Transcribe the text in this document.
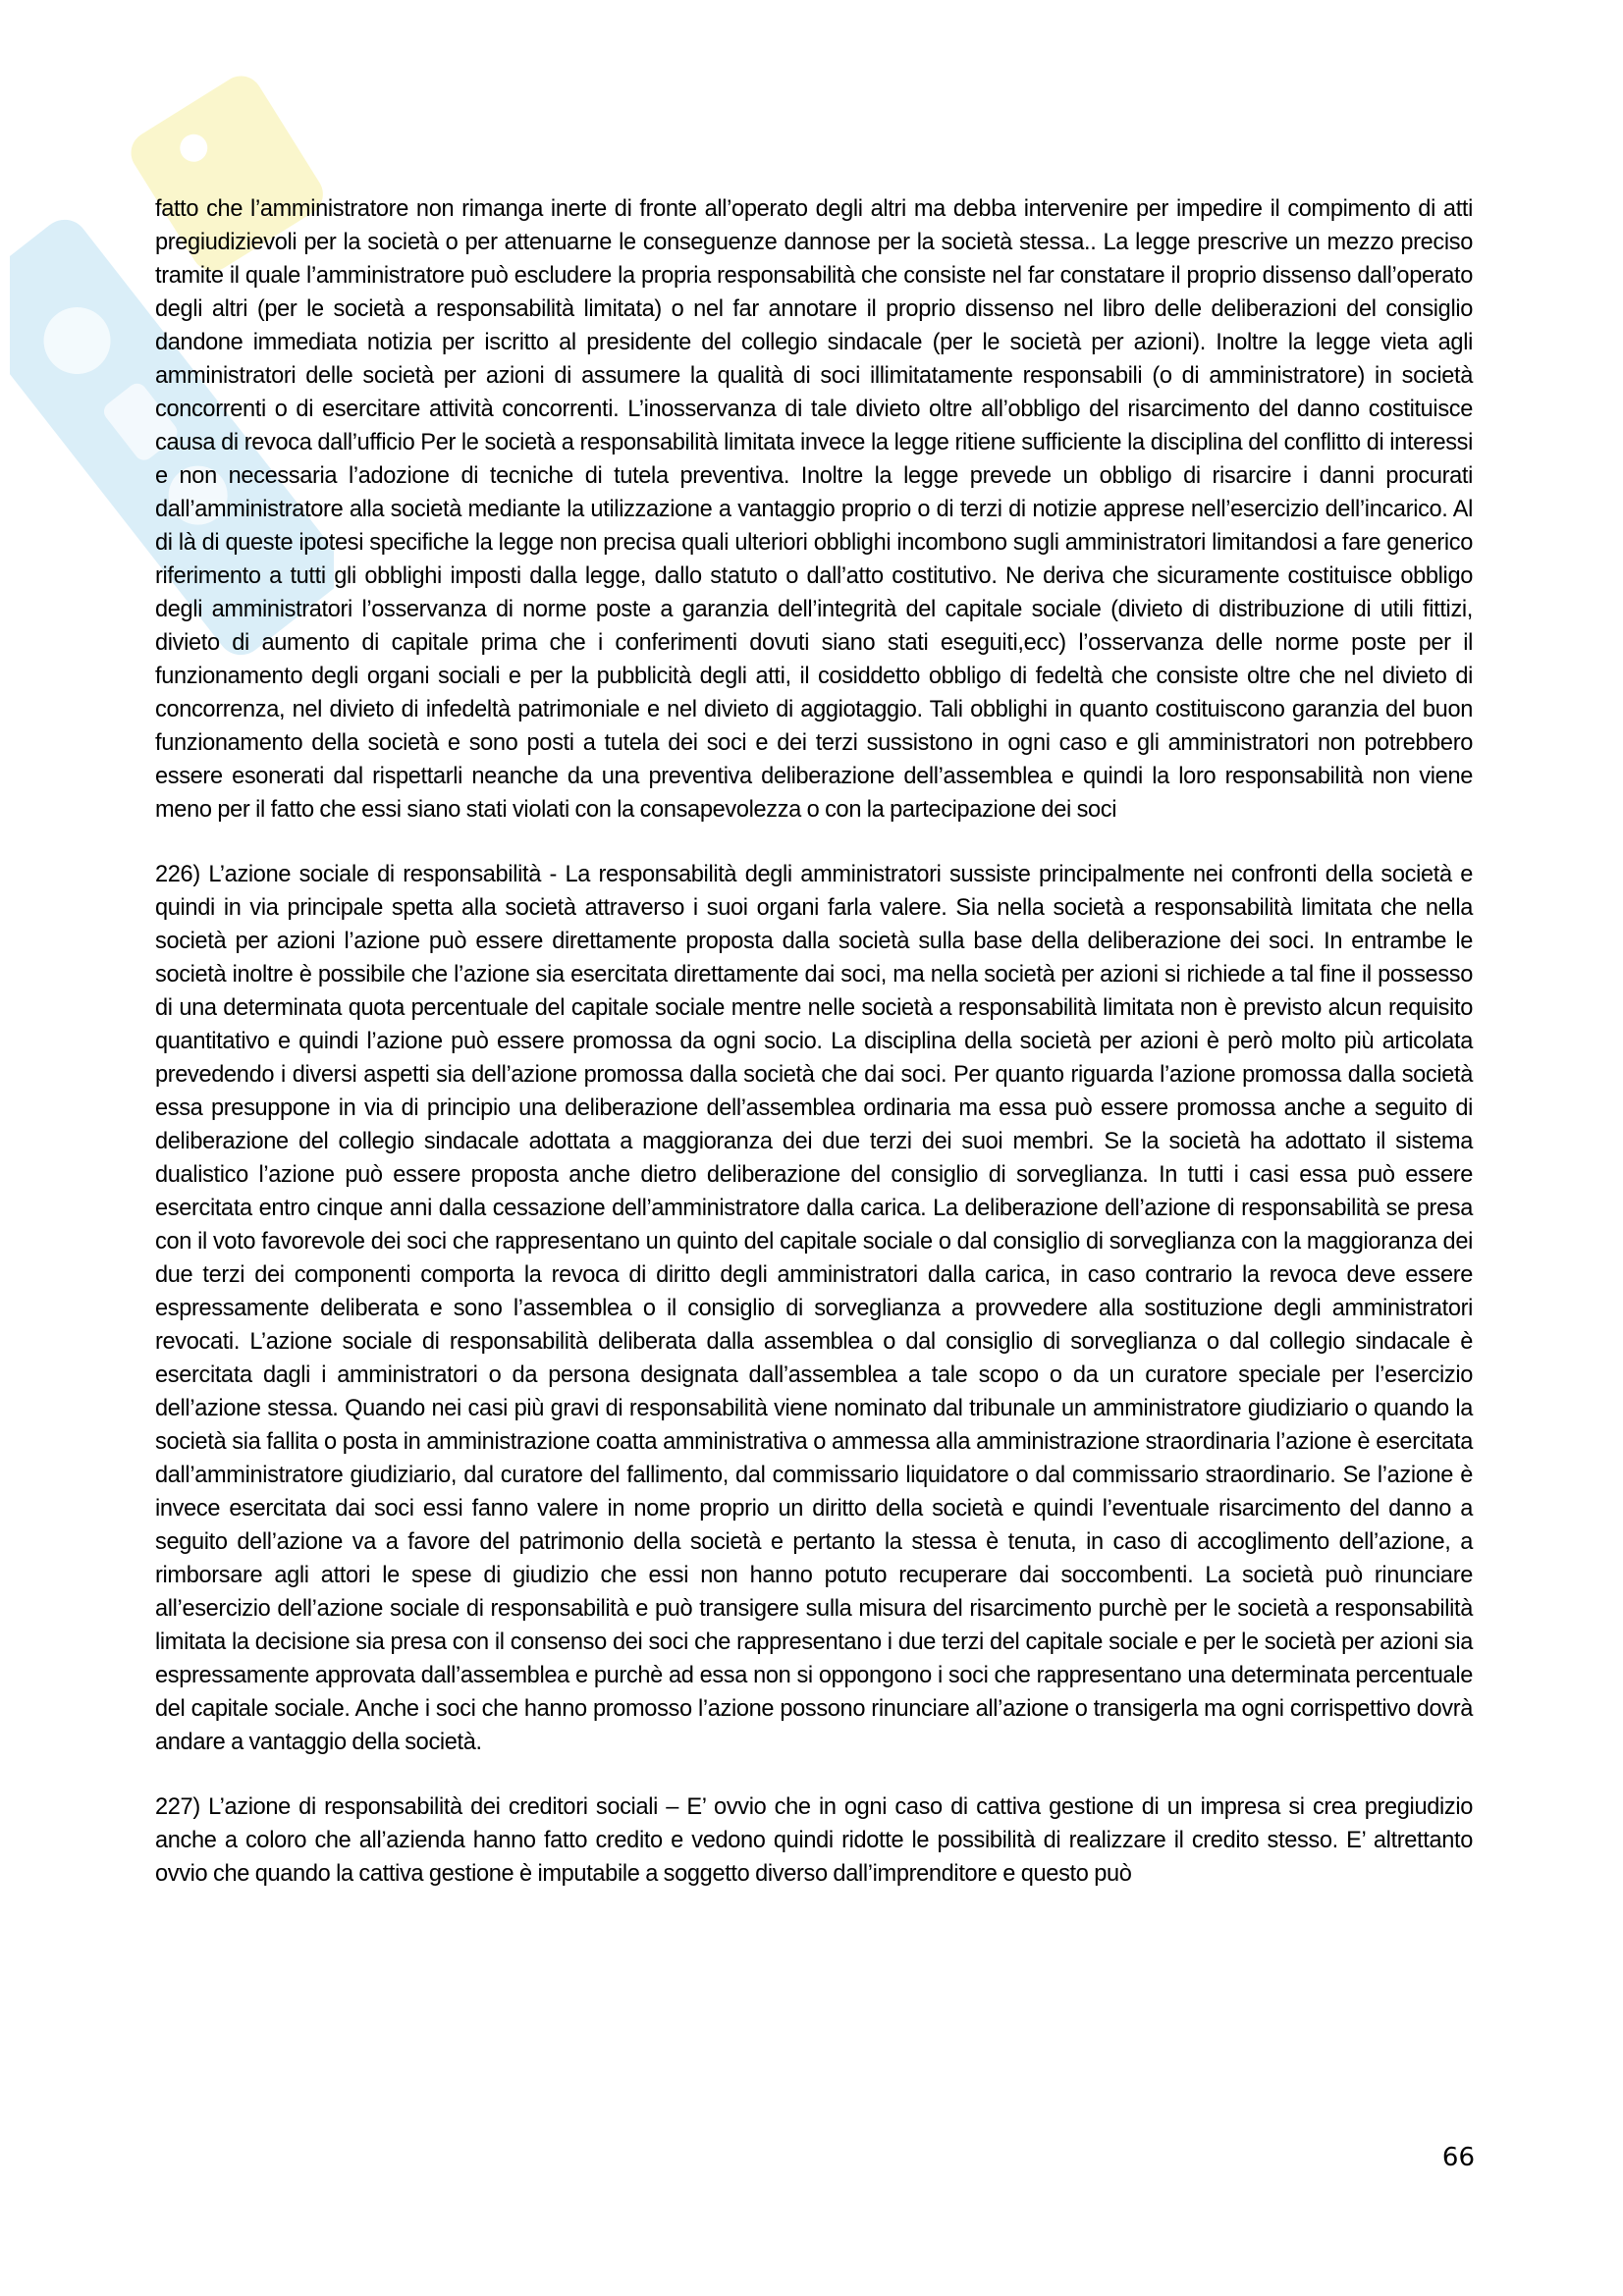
fatto che l’amministratore non rimanga inerte di fronte all’operato degli altri ma debba intervenire per impedire il compimento di atti pregiudizievoli per la società o per attenuarne le conseguenze dannose per la società stessa.. La legge prescrive un mezzo preciso tramite il quale l’amministratore può escludere la propria responsabilità che consiste nel far constatare il proprio dissenso dall’operato degli altri (per le società a responsabilità limitata) o nel far annotare il proprio dissenso nel libro delle deliberazioni del consiglio dandone immediata notizia per iscritto al presidente del collegio sindacale (per le società per azioni). Inoltre la legge vieta agli amministratori delle società per azioni di assumere la qualità di soci illimitatamente responsabili (o di amministratore) in società concorrenti o di esercitare attività concorrenti. L’inosservanza di tale divieto oltre all’obbligo del risarcimento del danno costituisce causa di revoca dall’ufficio Per le società a responsabilità limitata invece la legge ritiene sufficiente la disciplina del conflitto di interessi e non necessaria l’adozione di tecniche di tutela preventiva. Inoltre la legge prevede un obbligo di risarcire i danni procurati dall’amministratore alla società mediante la utilizzazione a vantaggio proprio o di terzi di notizie apprese nell’esercizio dell’incarico. Al di là di queste ipotesi specifiche la legge non precisa quali ulteriori obblighi incombono sugli amministratori limitandosi a fare generico riferimento a tutti gli obblighi imposti dalla legge, dallo statuto o dall’atto costitutivo. Ne deriva che sicuramente costituisce obbligo degli amministratori l’osservanza di norme poste a garanzia dell’integrità del capitale sociale (divieto di distribuzione di utili fittizi, divieto di aumento di capitale prima che i conferimenti dovuti siano stati eseguiti,ecc) l’osservanza delle norme poste per il funzionamento degli organi sociali e per la pubblicità degli atti, il cosiddetto obbligo di fedeltà che consiste oltre che nel divieto di concorrenza, nel divieto di infedeltà patrimoniale e nel divieto di aggiotaggio. Tali obblighi in quanto costituiscono garanzia del buon funzionamento della società e sono posti a tutela dei soci e dei terzi sussistono in ogni caso e gli amministratori non potrebbero essere esonerati dal rispettarli neanche da una preventiva deliberazione dell’assemblea e quindi la loro responsabilità non viene meno per il fatto che essi siano stati violati con la consapevolezza o con la partecipazione dei soci

226) L’azione sociale di responsabilità - La responsabilità degli amministratori sussiste principalmente nei confronti della società e quindi in via principale spetta alla società attraverso i suoi organi farla valere. Sia nella società a responsabilità limitata che nella società per azioni l’azione può essere direttamente proposta dalla società sulla base della deliberazione dei soci. In entrambe le società inoltre è possibile che l’azione sia esercitata direttamente dai soci, ma nella società per azioni si richiede a tal fine il possesso di una determinata quota percentuale del capitale sociale mentre nelle società a responsabilità limitata non è previsto alcun requisito quantitativo e quindi l’azione può essere promossa da ogni socio. La disciplina della società per azioni è però molto più articolata prevedendo i diversi aspetti sia dell’azione promossa dalla società che dai soci. Per quanto riguarda l’azione promossa dalla società essa presuppone in via di principio una deliberazione dell’assemblea ordinaria ma essa può essere promossa anche a seguito di deliberazione del collegio sindacale adottata a maggioranza dei due terzi dei suoi membri. Se la società ha adottato il sistema dualistico l’azione può essere proposta anche dietro deliberazione del consiglio di sorveglianza. In tutti i casi essa può essere esercitata entro cinque anni dalla cessazione dell’amministratore dalla carica. La deliberazione dell’azione di responsabilità se presa con il voto favorevole dei soci che rappresentano un quinto del capitale sociale o dal consiglio di sorveglianza con la maggioranza dei due terzi dei componenti comporta la revoca di diritto degli amministratori dalla carica, in caso contrario la revoca deve essere espressamente deliberata e sono l’assemblea o il consiglio di sorveglianza a provvedere alla sostituzione degli amministratori revocati. L’azione sociale di responsabilità deliberata dalla assemblea o dal consiglio di sorveglianza o dal collegio sindacale è esercitata dagli i amministratori o da persona designata dall’assemblea a tale scopo o da un curatore speciale per l’esercizio dell’azione stessa. Quando nei casi più gravi di responsabilità viene nominato dal tribunale un amministratore giudiziario o quando la società sia fallita o posta in amministrazione coatta amministrativa o ammessa alla amministrazione straordinaria l’azione è esercitata dall’amministratore giudiziario, dal curatore del fallimento, dal commissario liquidatore o dal commissario straordinario. Se l’azione è invece esercitata dai soci essi fanno valere in nome proprio un diritto della società e quindi l’eventuale risarcimento del danno a seguito dell’azione va a favore del patrimonio della società e pertanto la stessa è tenuta, in caso di accoglimento dell’azione, a rimborsare agli attori le spese di giudizio che essi non hanno potuto recuperare dai soccombenti. La società può rinunciare all’esercizio dell’azione sociale di responsabilità e può transigere sulla misura del risarcimento purchè per le società a responsabilità limitata la decisione sia presa con il consenso dei soci che rappresentano i due terzi del capitale sociale e per le società per azioni sia espressamente approvata dall’assemblea e purchè ad essa non si oppongono i soci che rappresentano una determinata percentuale del capitale sociale. Anche i soci che hanno promosso l’azione possono rinunciare all’azione o transigerla ma ogni corrispettivo dovrà andare a vantaggio della società.

227) L’azione di responsabilità dei creditori sociali – E’ ovvio che in ogni caso di cattiva gestione di un impresa si crea pregiudizio anche a coloro che all’azienda hanno fatto credito e vedono quindi ridotte le possibilità di realizzare il credito stesso. E’ altrettanto ovvio che quando la cattiva gestione è imputabile a soggetto diverso dall’imprenditore e questo può

66
